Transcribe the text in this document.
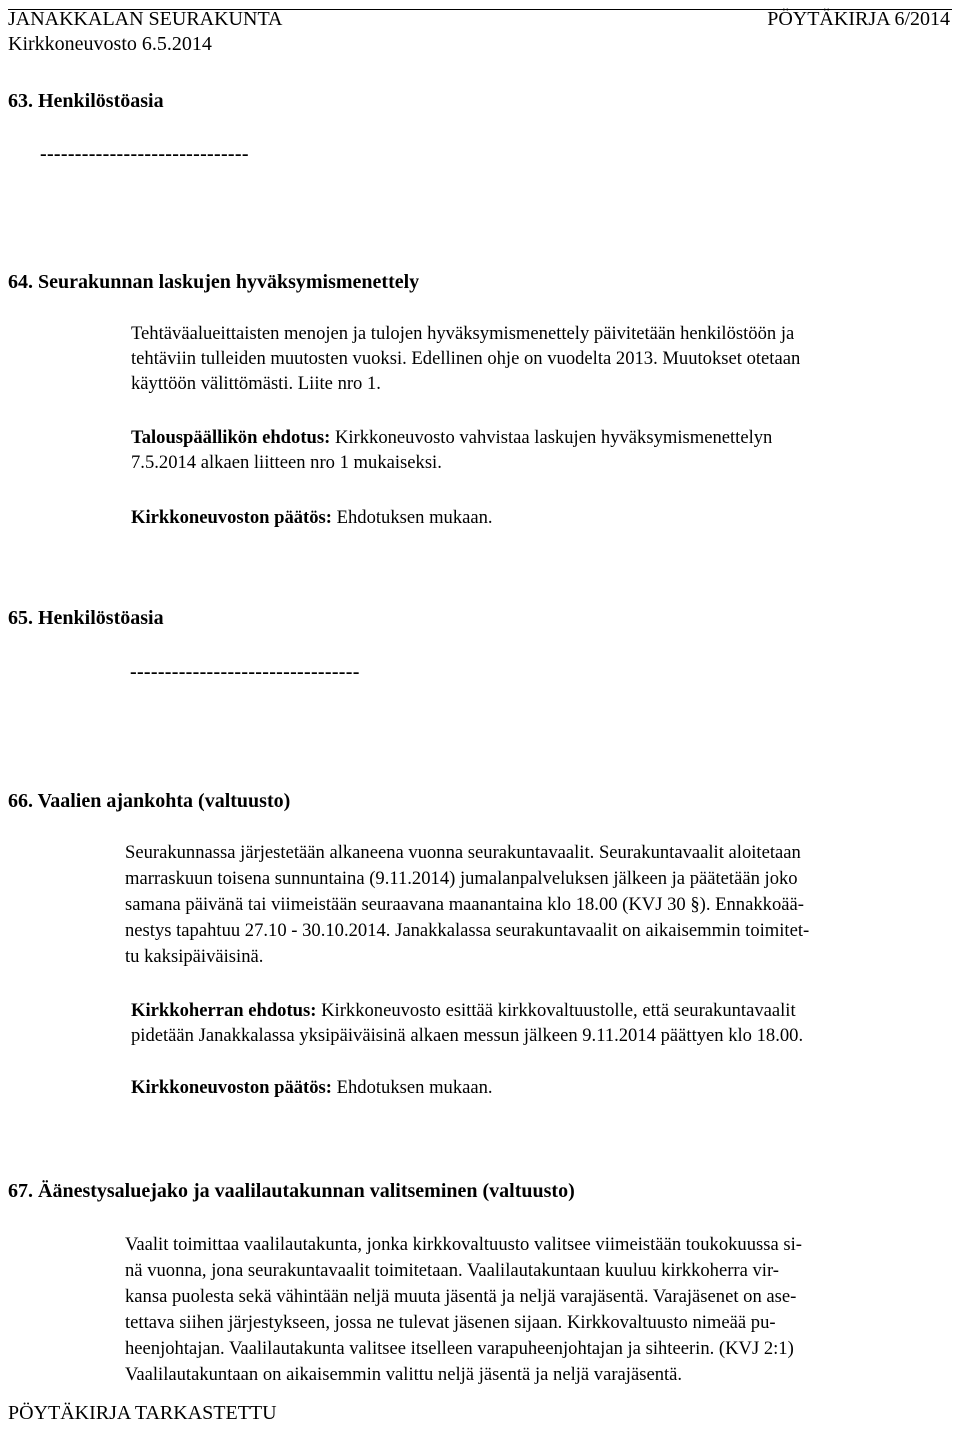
JANAKKALAN SEURAKUNTA	PÖYTÄKIRJA 6/2014
Kirkkoneuvosto 6.5.2014
63. Henkilöstöasia
------------------------------
64. Seurakunnan laskujen hyväksymismenettely
Tehtäväalueittaisten menojen ja tulojen hyväksymismenettely päivitetään henkilöstöön ja
tehtäviin tulleiden muutosten vuoksi. Edellinen ohje on vuodelta 2013. Muutokset otetaan
käyttöön välittömästi. Liite nro 1.
Talouspäällikön ehdotus: Kirkkoneuvosto vahvistaa laskujen hyväksymismenettelyn
7.5.2014 alkaen liitteen nro 1 mukaiseksi.
Kirkkoneuvoston päätös: Ehdotuksen mukaan.
65. Henkilöstöasia
---------------------------------
66. Vaalien ajankohta (valtuusto)
Seurakunnassa järjestetään alkaneena vuonna seurakuntavaalit. Seurakuntavaalit aloitetaan
marraskuun toisena sunnuntaina (9.11.2014) jumalanpalveluksen jälkeen ja päätetään joko
samana päivänä tai viimeistään seuraavana maanantaina klo 18.00 (KVJ 30 §). Ennakkoää-
nestys tapahtuu 27.10 - 30.10.2014. Janakkalassa seurakuntavaalit on aikaisemmin toimitet-
tu kaksipäiväisinä.
Kirkkoherran ehdotus: Kirkkoneuvosto esittää kirkkovaltuustolle, että seurakuntavaalit
pidetään Janakkalassa yksipäiväisinä alkaen messun jälkeen 9.11.2014 päättyen klo 18.00.
Kirkkoneuvoston päätös: Ehdotuksen mukaan.
67. Äänestysaluejako ja vaalilautakunnan valitseminen (valtuusto)
Vaalit toimittaa vaalilautakunta, jonka kirkkovaltuusto valitsee viimeistään toukokuussa si-
nä vuonna, jona seurakuntavaalit toimitetaan. Vaalilautakuntaan kuuluu kirkkoherra vir-
kansa puolesta sekä vähintään neljä muuta jäsentä ja neljä varajäsentä. Varajäsenet on ase-
tettava siihen järjestykseen, jossa ne tulevat jäsenen sijaan. Kirkkovaltuusto nimeää pu-
heenjohtajan. Vaalilautakunta valitsee itselleen varapuheenjohtajan ja sihteerin. (KVJ 2:1)
Vaalilautakuntaan on aikaisemmin valittu neljä jäsentä ja neljä varajäsentä.
PÖYTÄKIRJA TARKASTETTU
